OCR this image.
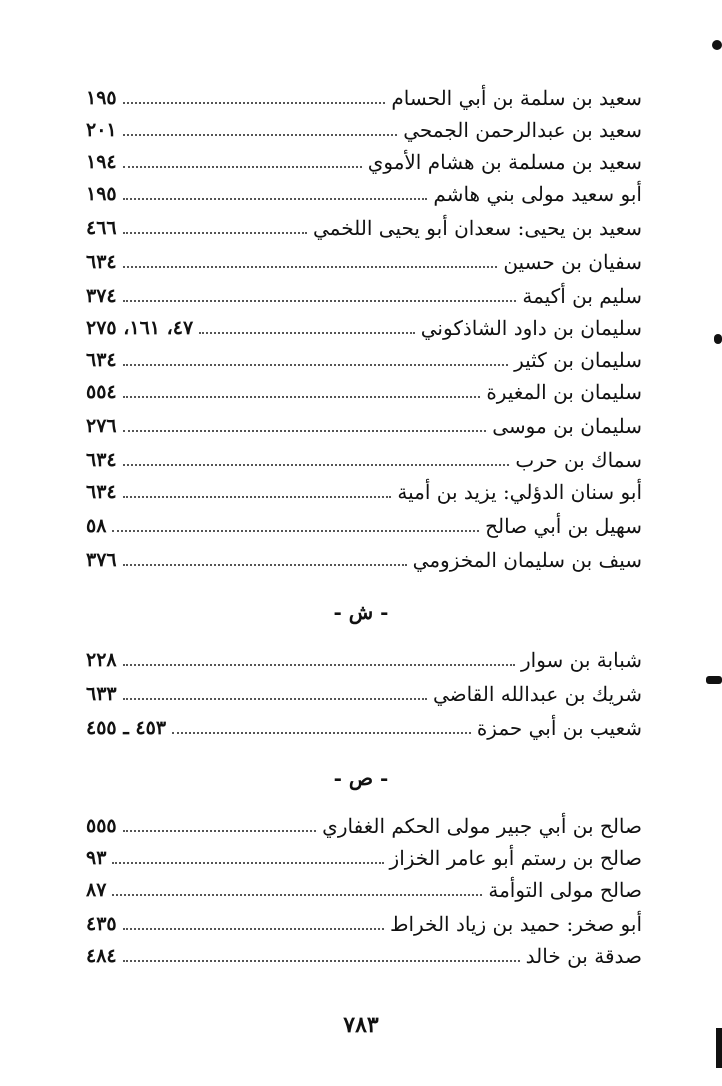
سعيد بن سلمة بن أبي الحسام
١٩٥
سعيد بن عبدالرحمن الجمحي
٢٠١
سعيد بن مسلمة بن هشام الأموي
١٩٤
أبو سعيد مولى بني هاشم
١٩٥
سعيد بن يحيى: سعدان أبو يحيى اللخمي
٤٦٦
سفيان بن حسين
٦٣٤
سليم بن أكيمة
٣٧٤
سليمان بن داود الشاذكوني
٤٧، ١٦١، ٢٧٥
سليمان بن كثير
٦٣٤
سليمان بن المغيرة
٥٥٤
سليمان بن موسى
٢٧٦
سماك بن حرب
٦٣٤
أبو سنان الدؤلي: يزيد بن أمية
٦٣٤
سهيل بن أبي صالح
٥٨
سيف بن سليمان المخزومي
٣٧٦
- ش -
شبابة بن سوار
٢٢٨
شريك بن عبدالله القاضي
٦٣٣
شعيب بن أبي حمزة
٤٥٣ ـ ٤٥٥
- ص -
صالح بن أبي جبير مولى الحكم الغفاري
٥٥٥
صالح بن رستم أبو عامر الخزاز
٩٣
صالح مولى التوأمة
٨٧
أبو صخر: حميد بن زياد الخراط
٤٣٥
صدقة بن خالد
٤٨٤
٧٨٣
